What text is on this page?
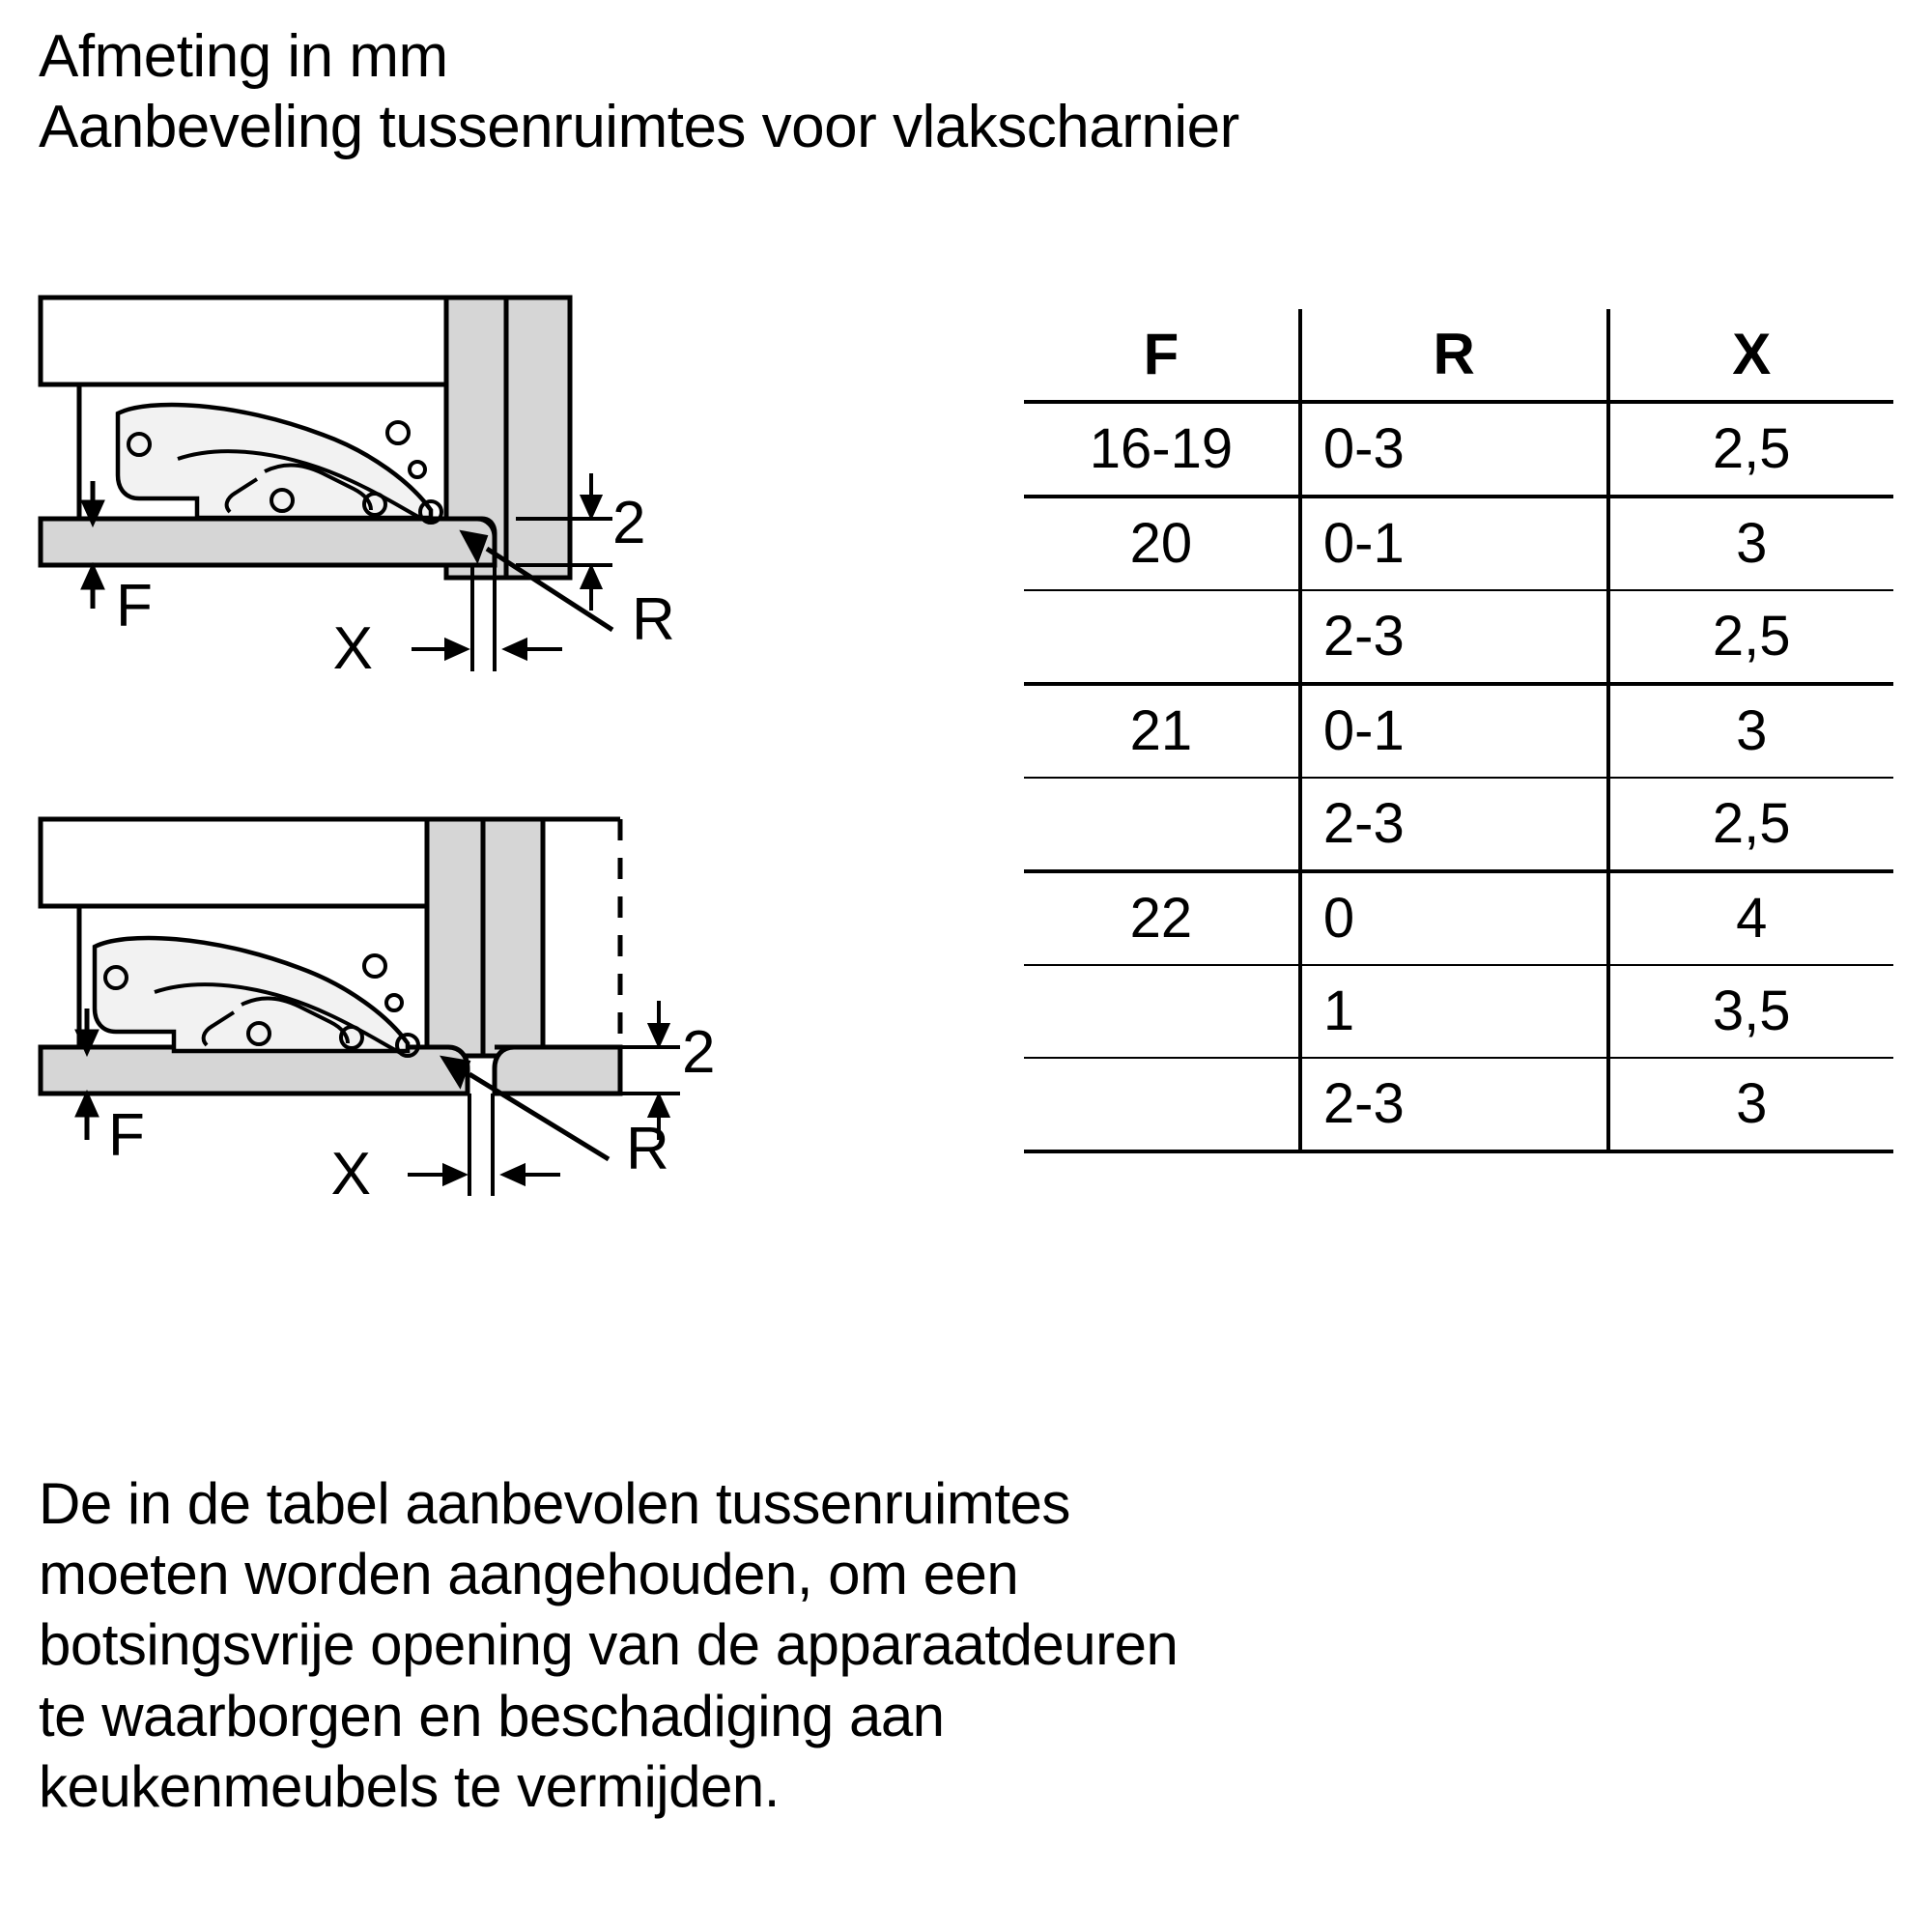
Afmeting in mm
Aanbeveling tussenruimtes voor vlakscharnier
F
2
X	R
F
2
X	R
F	R	X
16-19	0-3	2,5
20	0-1	3
	2-3	2,5
21	0-1	3
	2-3	2,5
22	0	4
	1	3,5
	2-3	3
De in de tabel aanbevolen tussenruimtes
moeten worden aangehouden, om een
botsingsvrije opening van de apparaatdeuren
te waarborgen en beschadiging aan
keukenmeubels te vermijden.
